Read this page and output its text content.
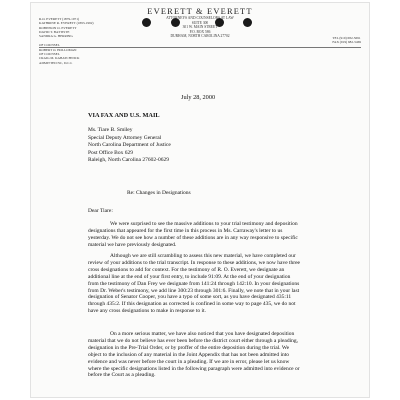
EVERETT & EVERETT
ATTORNEYS AND COUNSELORS AT LAW
SUITE 300
301 W. MAIN STREET
P.O. BOX 586
DURHAM, NORTH CAROLINA 27702
R.O. EVERETT (1879-1971)
KATHRINE R. EVERETT (1893-1992)
ROBINSON O. EVERETT
DAVID T. BATTISTE
SANDRA G. HERRING
OF COUNSEL
ROBERT O. HOLLOMAN
OF COUNSEL
CRAIG M. KABATCHNICK
ADMITTED NC, D.C.I.
TEL (919) 682-5691
FAX (919) 682-5469
July 28, 2000
VIA FAX AND U.S. MAIL
Ms. Tiare B. Smiley
Special Deputy Attorney General
North Carolina Department of Justice
Post Office Box 629
Raleigh, North Carolina 27602-0629
Re: Changes in Designations
Dear Tiare:
We were surprised to see the massive additions to your trial testimony and deposition
designations that appeared for the first time in this process in Ms. Carraway's letter to us
yesterday. We do not see how a number of these additions are in any way responsive to specific
material we have previously designated.
Although we are still scrambling to assess this new material, we have completed our
review of your additions to the trial transcript. In response to these additions, we now have three
cross designations to add for context. For the testimony of R. O. Everett, we designate an
additional line at the end of your first entry, to include 91:09. At the end of your designation
from the testimony of Dan Frey we designate from 141:24 through 142:10. In your designations
from Dr. Weber's testimony, we add line 300:23 through 301:6. Finally, we note that in your last
designation of Senator Cooper, you have a typo of some sort, as you have designated 435:11
through 435:2. If this designation as corrected is confined in some way to page 435, we do not
have any cross designations to make in response to it.
On a more serious matter, we have also noticed that you have designated deposition
material that we do not believe has ever been before the district court either through a pleading,
designation in the Pre-Trial Order, or by proffer of the entire deposition during the trial. We
object to the inclusion of any material in the Joint Appendix that has not been admitted into
evidence and was never before the court in a pleading. If we are in error, please let us know
where the specific designations listed in the following paragraph were admitted into evidence or
before the Court as a pleading.
